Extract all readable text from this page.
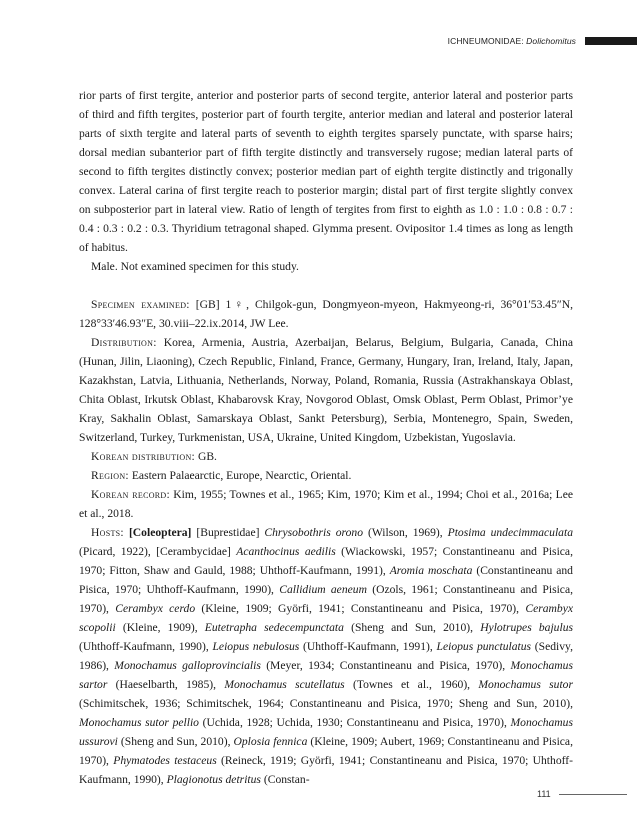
ICHNEUMONIDAE: Dolichomitus

rior parts of first tergite, anterior and posterior parts of second tergite, anterior lateral and posterior parts of third and fifth tergites, posterior part of fourth tergite, anterior median and lateral and posterior lateral parts of sixth tergite and lateral parts of seventh to eighth tergites sparsely punctate, with sparse hairs; dorsal median subanterior part of fifth tergite distinctly and transversely rugose; median lateral parts of second to fifth tergites distinctly convex; posterior median part of eighth tergite distinctly and trigonally convex. Lateral carina of first tergite reach to posterior margin; distal part of first tergite slightly convex on subposterior part in lateral view. Ratio of length of tergites from first to eighth as 1.0 : 1.0 : 0.8 : 0.7 : 0.4 : 0.3 : 0.2 : 0.3. Thyridium tetragonal shaped. Glymma present. Ovipositor 1.4 times as long as length of habitus.

Male. Not examined specimen for this study.

Specimen examined: [GB] 1♀, Chilgok-gun, Dongmyeon-myeon, Hakmyeong-ri, 36°01′53.45″N, 128°33′46.93″E, 30.viii–22.ix.2014, JW Lee.

Distribution: Korea, Armenia, Austria, Azerbaijan, Belarus, Belgium, Bulgaria, Canada, China (Hunan, Jilin, Liaoning), Czech Republic, Finland, France, Germany, Hungary, Iran, Ireland, Italy, Japan, Kazakhstan, Latvia, Lithuania, Netherlands, Norway, Poland, Romania, Russia (Astrakhanskaya Oblast, Chita Oblast, Irkutsk Oblast, Khabarovsk Kray, Novgorod Oblast, Omsk Oblast, Perm Oblast, Primor’ye Kray, Sakhalin Oblast, Samarskaya Oblast, Sankt Petersburg), Serbia, Montenegro, Spain, Sweden, Switzerland, Turkey, Turkmenistan, USA, Ukraine, United Kingdom, Uzbekistan, Yugoslavia.

Korean distribution: GB.

Region: Eastern Palaearctic, Europe, Nearctic, Oriental.

Korean record: Kim, 1955; Townes et al., 1965; Kim, 1970; Kim et al., 1994; Choi et al., 2016a; Lee et al., 2018.

Hosts: [Coleoptera] [Buprestidae] Chrysobothris orono (Wilson, 1969), Ptosima undecimmaculata (Picard, 1922), [Cerambycidae] Acanthocinus aedilis (Wiackowski, 1957; Constantineanu and Pisica, 1970; Fitton, Shaw and Gauld, 1988; Uhthoff-Kaufmann, 1991), Aromia moschata (Constantineanu and Pisica, 1970; Uhthoff-Kaufmann, 1990), Callidium aeneum (Ozols, 1961; Constantineanu and Pisica, 1970), Cerambyx cerdo (Kleine, 1909; Györfi, 1941; Constantineanu and Pisica, 1970), Cerambyx scopolii (Kleine, 1909), Eutetrapha sedecempunctata (Sheng and Sun, 2010), Hylotrupes bajulus (Uhthoff-Kaufmann, 1990), Leiopus nebulosus (Uhthoff-Kaufmann, 1991), Leiopus punctulatus (Sedivy, 1986), Monochamus galloprovincialis (Meyer, 1934; Constantineanu and Pisica, 1970), Monochamus sartor (Haeselbarth, 1985), Monochamus scutellatus (Townes et al., 1960), Monochamus sutor (Schimitschek, 1936; Schimitschek, 1964; Constantineanu and Pisica, 1970; Sheng and Sun, 2010), Monochamus sutor pellio (Uchida, 1928; Uchida, 1930; Constantineanu and Pisica, 1970), Monochamus ussurovi (Sheng and Sun, 2010), Oplosia fennica (Kleine, 1909; Aubert, 1969; Constantineanu and Pisica, 1970), Phymatodes testaceus (Reineck, 1919; Györfi, 1941; Constantineanu and Pisica, 1970; Uhthoff-Kaufmann, 1990), Plagionotus detritus (Constan-

111
